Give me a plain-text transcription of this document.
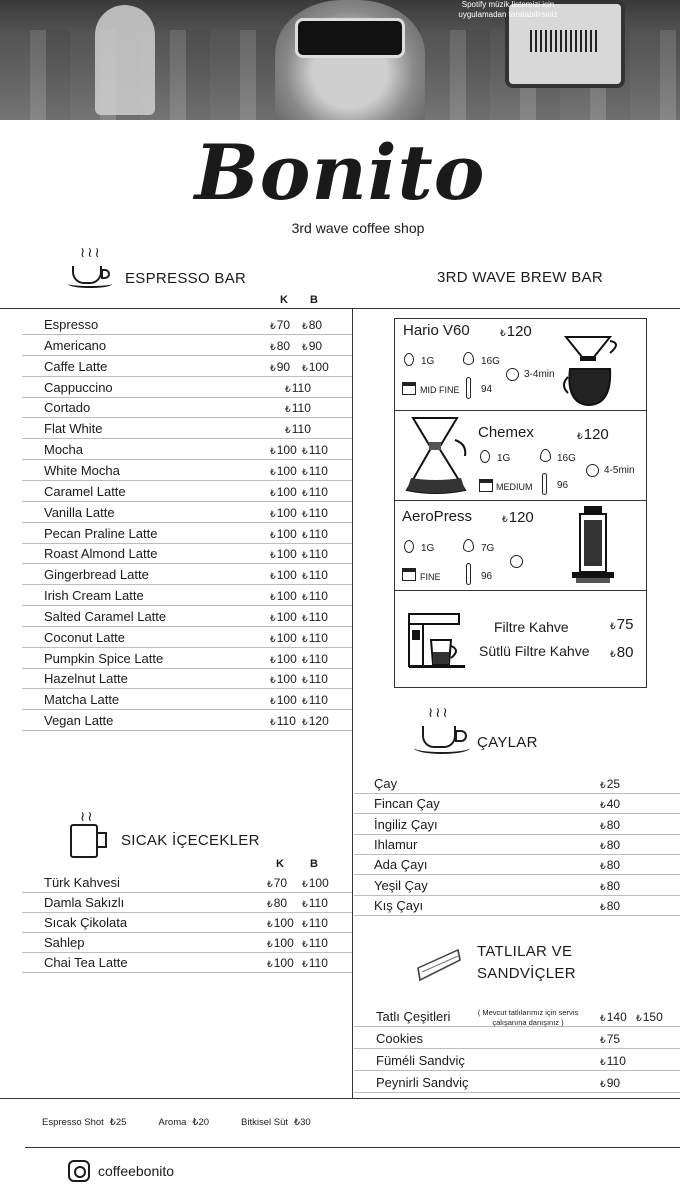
Spotify müzik listemizi için uygulamadan taratabilirsiniz
Bonito
3rd wave coffee shop
≀≀≀
ESPRESSO BAR
K B
3RD WAVE BREW BAR
Espresso	₺70 ₺80
Americano	₺80 ₺90
Caffe Latte	₺90 ₺100
Cappuccino	₺110
Cortado	₺110
Flat White	₺110
Mocha	₺100 ₺110
White Mocha	₺100 ₺110
Caramel Latte	₺100 ₺110
Vanilla Latte	₺100 ₺110
Pecan Praline Latte	₺100 ₺110
Roast Almond Latte	₺100 ₺110
Gingerbread Latte	₺100 ₺110
Irish Cream Latte	₺100 ₺110
Salted Caramel Latte	₺100 ₺110
Coconut Latte	₺100 ₺110
Pumpkin Spice Latte	₺100 ₺110
Hazelnut Latte	₺100 ₺110
Matcha Latte	₺100 ₺110
Vegan Latte	₺110 ₺120
≀≀
SICAK İÇECEKLER
K B
Türk Kahvesi	₺70 ₺100
Damla Sakızlı	₺80 ₺110
Sıcak Çikolata	₺100 ₺110
Sahlep	₺100 ₺110
Chai Tea Latte	₺100 ₺110
Hario V60	₺120
1G	16G
3-4min
MID FINE 94
Chemex	₺120
1G	16G
4-5min
MEDIUM 96
AeroPress	₺120
1G	7G
FINE	96
Filtre Kahve	₺75
Sütlü Filtre Kahve ₺80
≀≀≀
ÇAYLAR
Çay	₺25
Fincan Çay	₺40
İngiliz Çayı	₺80
Ihlamur	₺80
Ada Çayı	₺80
Yeşil Çay	₺80
Kış Çayı	₺80
TATLILAR VE
SANDVİÇLER
Tatlı Çeşitleri	₺140 ₺150
Cookies	₺75
Füméli Sandviç	₺110
Peynirli Sandviç	₺90
( Mevcut tatlılarımız için servis çalışanına danışınız )
Espresso Shot ₺25	Aroma ₺20	Bitkisel Süt ₺30
coffeebonito
